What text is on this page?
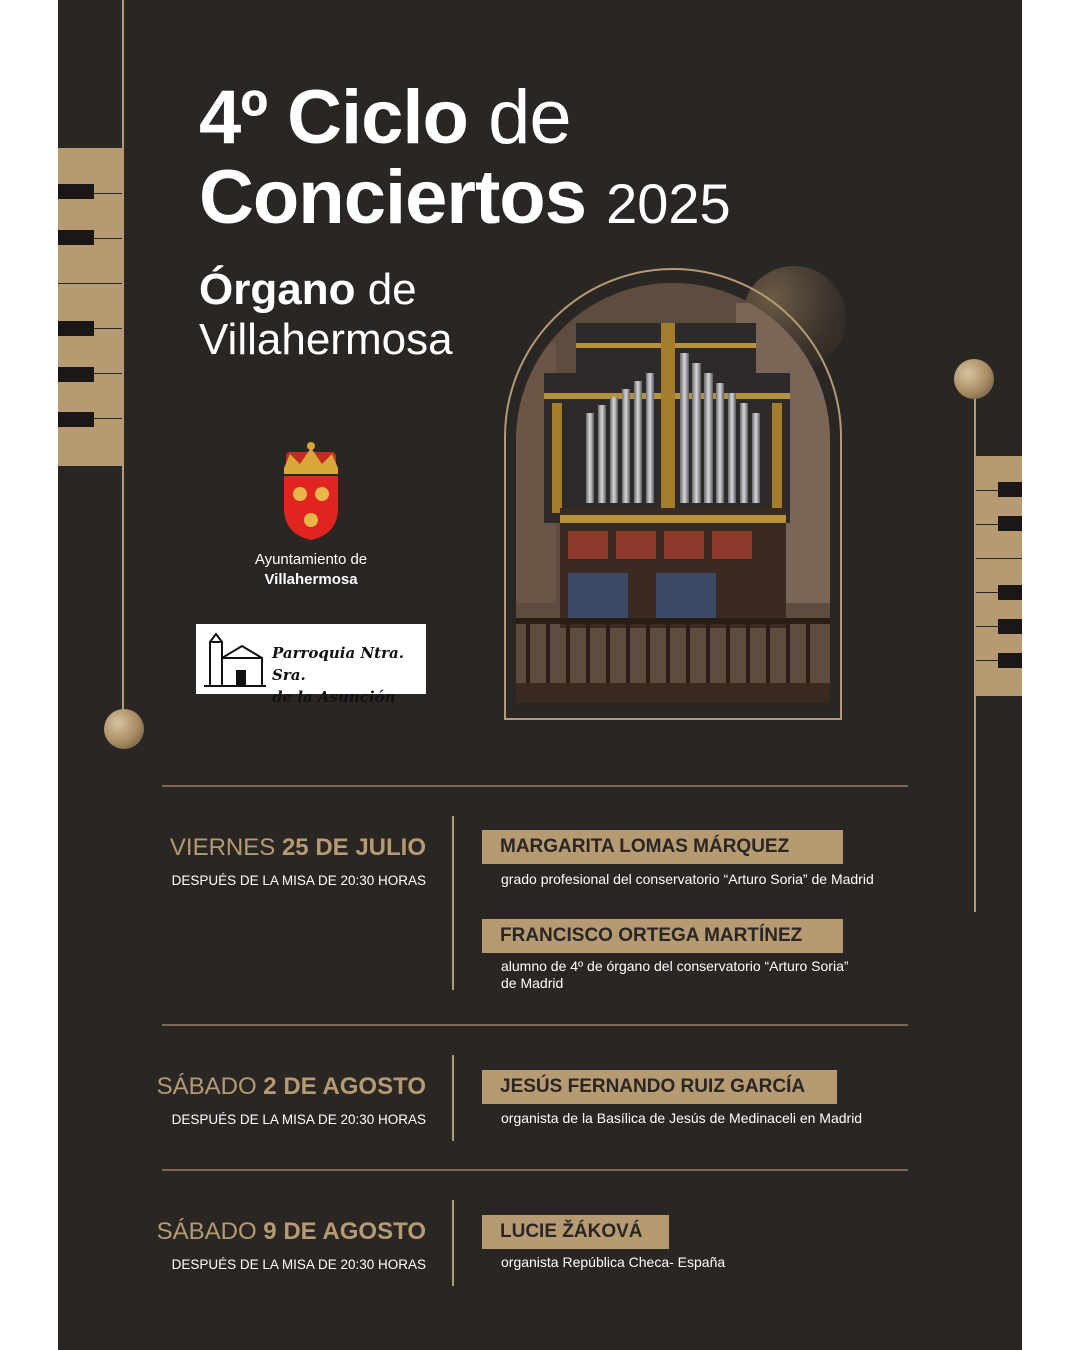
4º Ciclo de
Conciertos 2025
Órgano de
Villahermosa
Ayuntamiento de
Villahermosa
Parroquia Ntra. Sra.
de la Asunción
VIERNES 25 DE JULIO
DESPUÉS DE LA MISA DE 20:30 HORAS
MARGARITA LOMAS MÁRQUEZ
grado profesional del conservatorio “Arturo Soria” de Madrid
FRANCISCO ORTEGA MARTÍNEZ
alumno de 4º de órgano del conservatorio “Arturo Soria”
de Madrid
SÁBADO 2 DE AGOSTO
DESPUÉS DE LA MISA DE 20:30 HORAS
JESÚS FERNANDO RUIZ GARCÍA
organista de la Basílica de Jesús de Medinaceli en Madrid
SÁBADO 9 DE AGOSTO
DESPUÉS DE LA MISA DE 20:30 HORAS
LUCIE ŽÁKOVÁ
organista República Checa- España
